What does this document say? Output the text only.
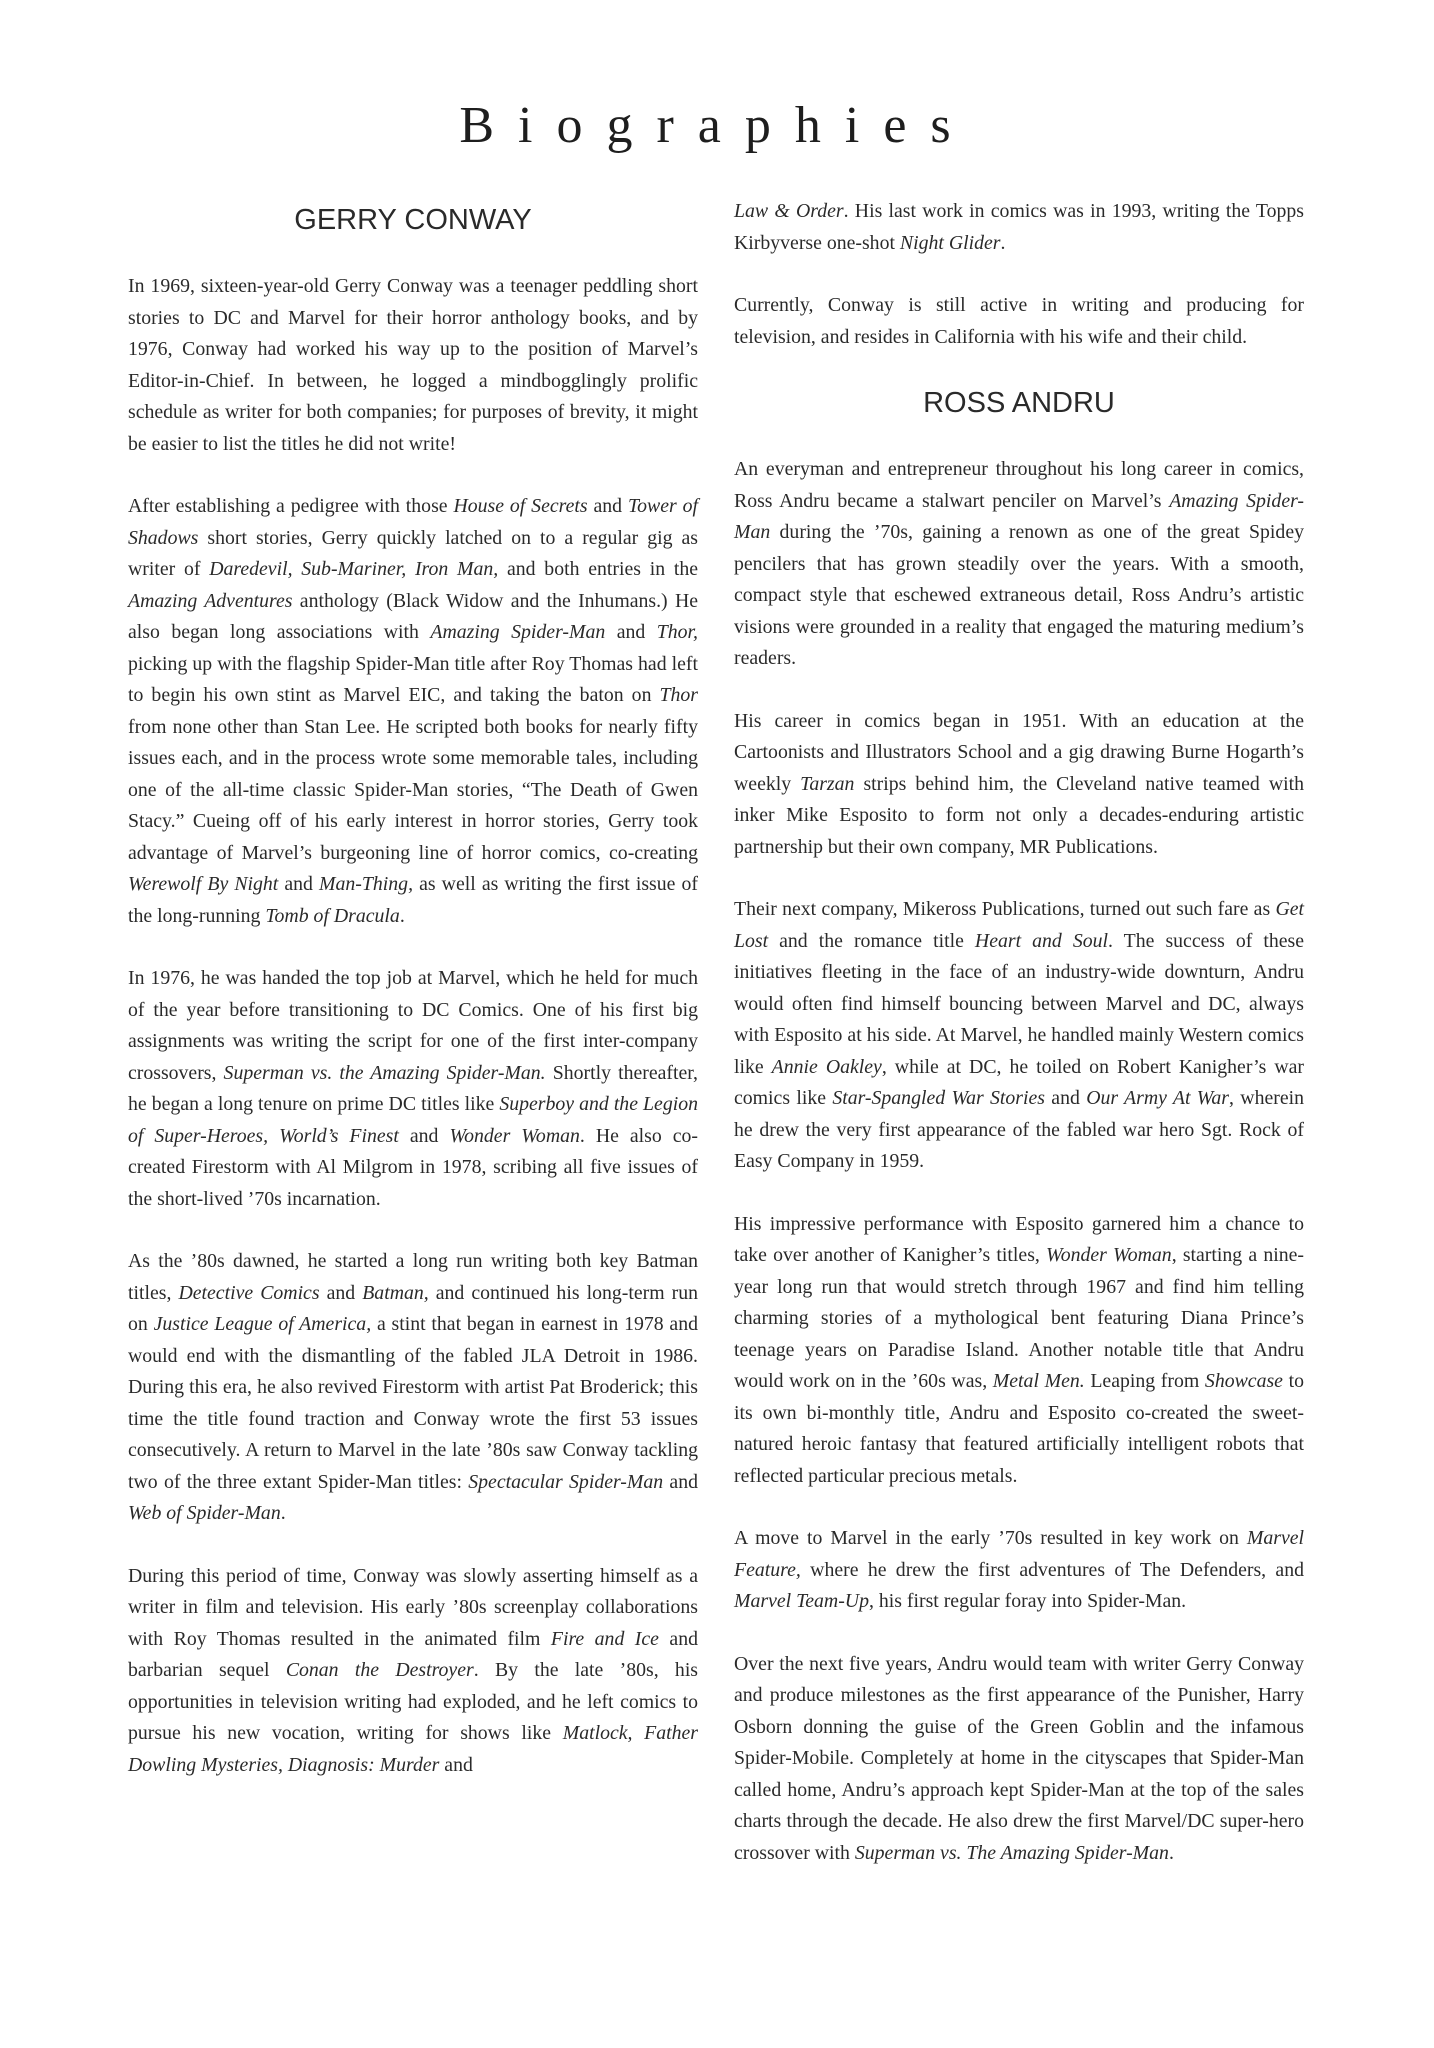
Biographies
GERRY CONWAY

In 1969, sixteen-year-old Gerry Conway was a teenager peddling short stories to DC and Marvel for their horror anthology books, and by 1976, Conway had worked his way up to the position of Marvel’s Editor-in-Chief. In between, he logged a mindbogglingly prolific schedule as writer for both companies; for purposes of brevity, it might be easier to list the titles he did not write!

After establishing a pedigree with those House of Secrets and Tower of Shadows short stories, Gerry quickly latched on to a regular gig as writer of Daredevil, Sub-Mariner, Iron Man, and both entries in the Amazing Adventures anthology (Black Widow and the Inhumans.) He also began long associations with Amazing Spider-Man and Thor, picking up with the flagship Spider-Man title after Roy Thomas had left to begin his own stint as Marvel EIC, and taking the baton on Thor from none other than Stan Lee. He scripted both books for nearly fifty issues each, and in the process wrote some memorable tales, including one of the all-time classic Spider-Man stories, “The Death of Gwen Stacy.” Cueing off of his early interest in horror stories, Gerry took advantage of Marvel’s burgeoning line of horror comics, co-creating Werewolf By Night and Man-Thing, as well as writing the first issue of the long-running Tomb of Dracula.

In 1976, he was handed the top job at Marvel, which he held for much of the year before transitioning to DC Comics. One of his first big assignments was writing the script for one of the first inter-company crossovers, Superman vs. the Amazing Spider-Man. Shortly thereafter, he began a long tenure on prime DC titles like Superboy and the Legion of Super-Heroes, World’s Finest and Wonder Woman. He also co-created Firestorm with Al Milgrom in 1978, scribing all five issues of the short-lived ’70s incarnation.

As the ’80s dawned, he started a long run writing both key Batman titles, Detective Comics and Batman, and continued his long-term run on Justice League of America, a stint that began in earnest in 1978 and would end with the dismantling of the fabled JLA Detroit in 1986. During this era, he also revived Firestorm with artist Pat Broderick; this time the title found traction and Conway wrote the first 53 issues consecutively. A return to Marvel in the late ’80s saw Conway tackling two of the three extant Spider-Man titles: Spectacular Spider-Man and Web of Spider-Man.

During this period of time, Conway was slowly asserting himself as a writer in film and television. His early ’80s screenplay collaborations with Roy Thomas resulted in the animated film Fire and Ice and barbarian sequel Conan the Destroyer. By the late ’80s, his opportunities in television writing had exploded, and he left comics to pursue his new vocation, writing for shows like Matlock, Father Dowling Mysteries, Diagnosis: Murder and

Law & Order. His last work in comics was in 1993, writing the Topps Kirbyverse one-shot Night Glider.

Currently, Conway is still active in writing and producing for television, and resides in California with his wife and their child.

ROSS ANDRU

An everyman and entrepreneur throughout his long career in comics, Ross Andru became a stalwart penciler on Marvel’s Amazing Spider-Man during the ’70s, gaining a renown as one of the great Spidey pencilers that has grown steadily over the years. With a smooth, compact style that eschewed extraneous detail, Ross Andru’s artistic visions were grounded in a reality that engaged the maturing medium’s readers.

His career in comics began in 1951. With an education at the Cartoonists and Illustrators School and a gig drawing Burne Hogarth’s weekly Tarzan strips behind him, the Cleveland native teamed with inker Mike Esposito to form not only a decades-enduring artistic partnership but their own company, MR Publications.

Their next company, Mikeross Publications, turned out such fare as Get Lost and the romance title Heart and Soul. The success of these initiatives fleeting in the face of an industry-wide downturn, Andru would often find himself bouncing between Marvel and DC, always with Esposito at his side. At Marvel, he handled mainly Western comics like Annie Oakley, while at DC, he toiled on Robert Kanigher’s war comics like Star-Spangled War Stories and Our Army At War, wherein he drew the very first appearance of the fabled war hero Sgt. Rock of Easy Company in 1959.

His impressive performance with Esposito garnered him a chance to take over another of Kanigher’s titles, Wonder Woman, starting a nine-year long run that would stretch through 1967 and find him telling charming stories of a mythological bent featuring Diana Prince’s teenage years on Paradise Island. Another notable title that Andru would work on in the ’60s was, Metal Men. Leaping from Showcase to its own bi-monthly title, Andru and Esposito co-created the sweet-natured heroic fantasy that featured artificially intelligent robots that reflected particular precious metals.

A move to Marvel in the early ’70s resulted in key work on Marvel Feature, where he drew the first adventures of The Defenders, and Marvel Team-Up, his first regular foray into Spider-Man.

Over the next five years, Andru would team with writer Gerry Conway and produce milestones as the first appearance of the Punisher, Harry Osborn donning the guise of the Green Goblin and the infamous Spider-Mobile. Completely at home in the cityscapes that Spider-Man called home, Andru’s approach kept Spider-Man at the top of the sales charts through the decade. He also drew the first Marvel/DC super-hero crossover with Superman vs. The Amazing Spider-Man.
